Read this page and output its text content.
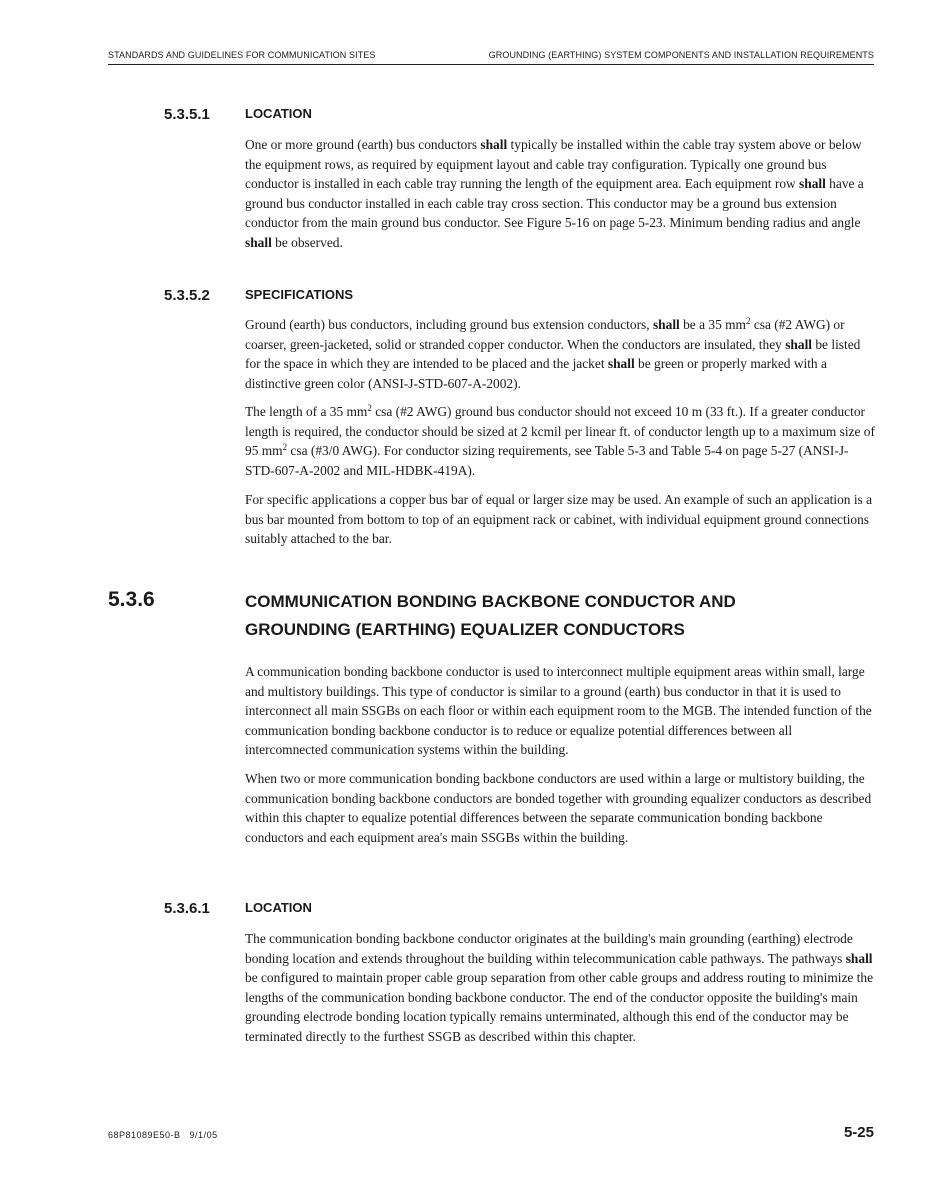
STANDARDS AND GUIDELINES FOR COMMUNICATION SITES	GROUNDING (EARTHING) SYSTEM COMPONENTS AND INSTALLATION REQUIREMENTS

5.3.5.1	LOCATION

One or more ground (earth) bus conductors shall typically be installed within the cable tray system above or below the equipment rows, as required by equipment layout and cable tray configuration. Typically one ground bus conductor is installed in each cable tray running the length of the equipment area. Each equipment row shall have a ground bus conductor installed in each cable tray cross section. This conductor may be a ground bus extension conductor from the main ground bus conductor. See Figure 5-16 on page 5-23. Minimum bending radius and angle shall be observed.

5.3.5.2	SPECIFICATIONS

Ground (earth) bus conductors, including ground bus extension conductors, shall be a 35 $mm^2$ csa (#2 AWG) or coarser, green-jacketed, solid or stranded copper conductor. When the conductors are insulated, they shall be listed for the space in which they are intended to be placed and the jacket shall be green or properly marked with a distinctive green color (ANSI-J-STD-607-A-2002).

The length of a 35 $mm^2$ csa (#2 AWG) ground bus conductor should not exceed 10 m (33 ft.). If a greater conductor length is required, the conductor should be sized at 2 kcmil per linear ft. of conductor length up to a maximum size of 95 $mm^2$ csa (#3/0 AWG). For conductor sizing requirements, see Table 5-3 and Table 5-4 on page 5-27 (ANSI-J-STD-607-A-2002 and MIL-HDBK-419A).

For specific applications a copper bus bar of equal or larger size may be used. An example of such an application is a bus bar mounted from bottom to top of an equipment rack or cabinet, with individual equipment ground connections suitably attached to the bar.

5.3.6	COMMUNICATION BONDING BACKBONE CONDUCTOR AND
GROUNDING (EARTHING) EQUALIZER CONDUCTORS

A communication bonding backbone conductor is used to interconnect multiple equipment areas within small, large and multistory buildings. This type of conductor is similar to a ground (earth) bus conductor in that it is used to interconnect all main SSGBs on each floor or within each equipment room to the MGB. The intended function of the communication bonding backbone conductor is to reduce or equalize potential differences between all intercomnected communication systems within the building.

When two or more communication bonding backbone conductors are used within a large or multistory building, the communication bonding backbone conductors are bonded together with grounding equalizer conductors as described within this chapter to equalize potential differences between the separate communication bonding backbone conductors and each equipment area's main SSGBs within the building.

5.3.6.1	LOCATION

The communication bonding backbone conductor originates at the building's main grounding (earthing) electrode bonding location and extends throughout the building within telecommunication cable pathways. The pathways shall be configured to maintain proper cable group separation from other cable groups and address routing to minimize the lengths of the communication bonding backbone conductor. The end of the conductor opposite the building's main grounding electrode bonding location typically remains unterminated, although this end of the conductor may be terminated directly to the furthest SSGB as described within this chapter.

68P81089E50-B   9/1/05	5-25
